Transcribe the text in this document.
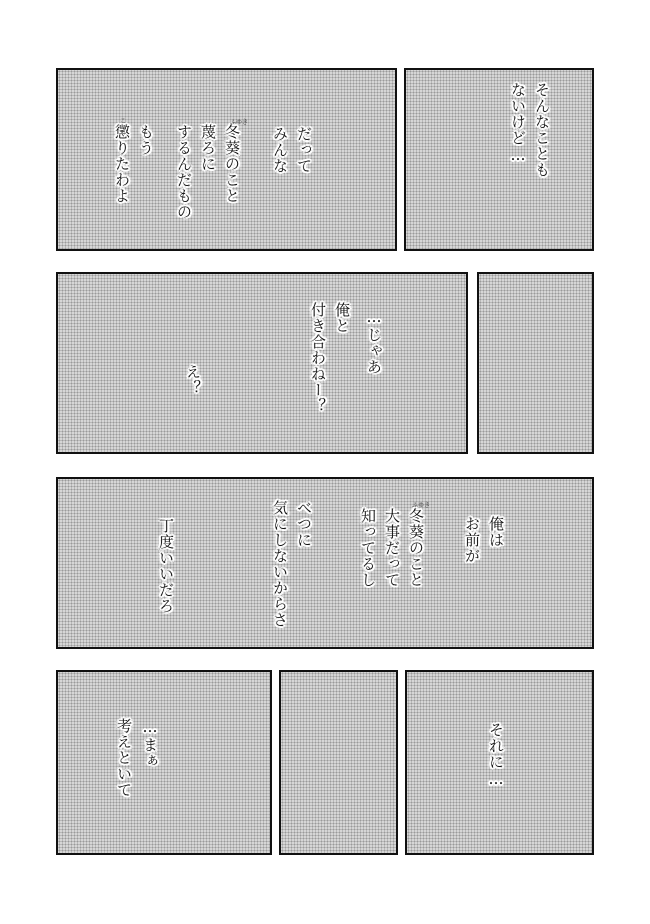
だって
みんな
冬葵のこと
蔑ろに
するんだもの
もう
懲りたわよ
ふゆき
こ	そんなことも
ないけど…
…じゃあ
俺と
付き合わねー？
え？
俺は
お前が
冬葵のこと
大事だって
知ってるし
べつに
気にしないからさ
丁度いいだろ
ふゆき
…まぁ
考えといて	それに…
